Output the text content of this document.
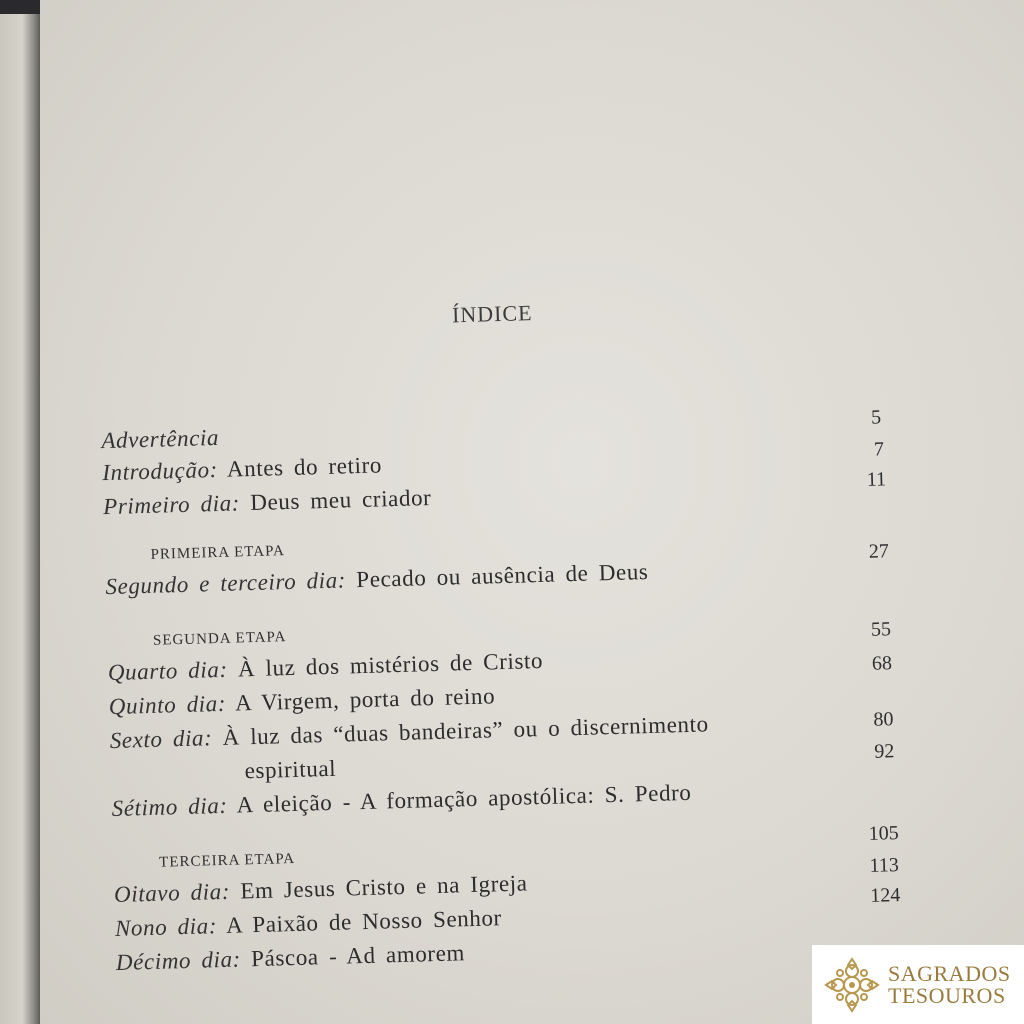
ÍNDICE
Advertência
Introdução: Antes do retiro
Primeiro dia: Deus meu criador
PRIMEIRA ETAPA
Segundo e terceiro dia: Pecado ou ausência de Deus
SEGUNDA ETAPA
Quarto dia: À luz dos mistérios de Cristo
Quinto dia: A Virgem, porta do reino
Sexto dia: À luz das “duas bandeiras” ou o discernimento
espiritual
Sétimo dia: A eleição - A formação apostólica: S. Pedro
TERCEIRA ETAPA
Oitavo dia: Em Jesus Cristo e na Igreja
Nono dia: A Paixão de Nosso Senhor
Décimo dia: Páscoa - Ad amorem
5
7
11
27
55
68
80
92
105
113
124
SAGRADOS
TESOUROS
